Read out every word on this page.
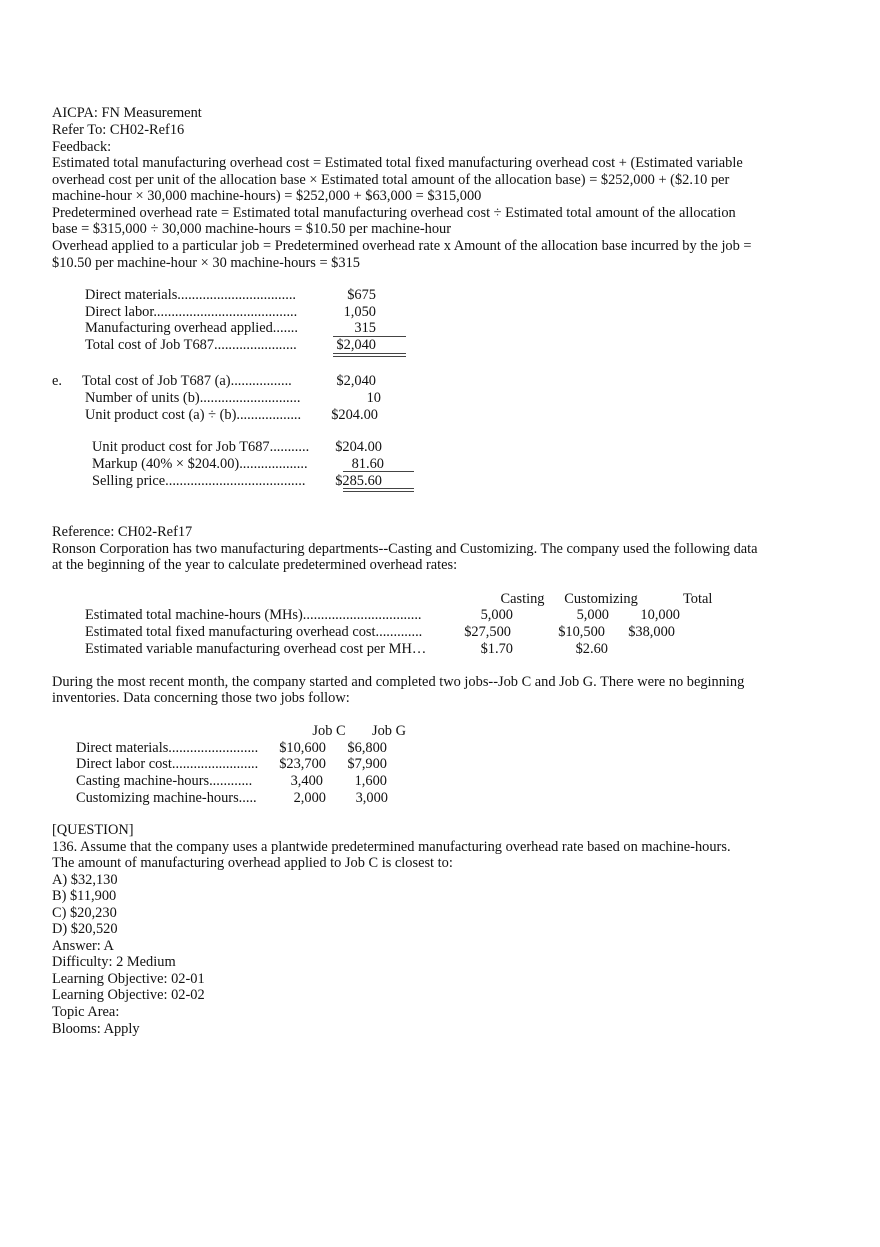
AICPA: FN Measurement
Refer To: CH02-Ref16
Feedback:
Estimated total manufacturing overhead cost = Estimated total fixed manufacturing overhead cost + (Estimated variable
overhead cost per unit of the allocation base × Estimated total amount of the allocation base) = $252,000 + ($2.10 per
machine-hour × 30,000 machine-hours) = $252,000 + $63,000 = $315,000
Predetermined overhead rate = Estimated total manufacturing overhead cost ÷ Estimated total amount of the allocation
base = $315,000 ÷ 30,000 machine-hours = $10.50 per machine-hour
Overhead applied to a particular job = Predetermined overhead rate x Amount of the allocation base incurred by the job =
$10.50 per machine-hour × 30 machine-hours = $315
Direct materials.................................	$675
Direct labor........................................	1,050
Manufacturing overhead applied.......	315
Total cost of Job T687.......................	$2,040
e. Total cost of Job T687 (a).................	$2,040
Number of units (b)............................	10
Unit product cost (a) ÷ (b)..................	$204.00
Unit product cost for Job T687...........	$204.00
Markup (40% × $204.00)...................	81.60
Selling price.......................................	$285.60
Reference: CH02-Ref17
Ronson Corporation has two manufacturing departments--Casting and Customizing. The company used the following data
at the beginning of the year to calculate predetermined overhead rates:
Casting	Customizing	Total
Estimated total machine-hours (MHs).................................	5,000	5,000	10,000
Estimated total fixed manufacturing overhead cost.............	$27,500	$10,500	$38,000
Estimated variable manufacturing overhead cost per MH…	$1.70	$2.60
During the most recent month, the company started and completed two jobs--Job C and Job G. There were no beginning
inventories. Data concerning those two jobs follow:
Job C	Job G
Direct materials.........................	$10,600	$6,800
Direct labor cost........................	$23,700	$7,900
Casting machine-hours............	3,400	1,600
Customizing machine-hours.....	2,000	3,000
[QUESTION]
136. Assume that the company uses a plantwide predetermined manufacturing overhead rate based on machine-hours.
The amount of manufacturing overhead applied to Job C is closest to:
A) $32,130
B) $11,900
C) $20,230
D) $20,520
Answer: A
Difficulty: 2 Medium
Learning Objective: 02-01
Learning Objective: 02-02
Topic Area:
Blooms: Apply
